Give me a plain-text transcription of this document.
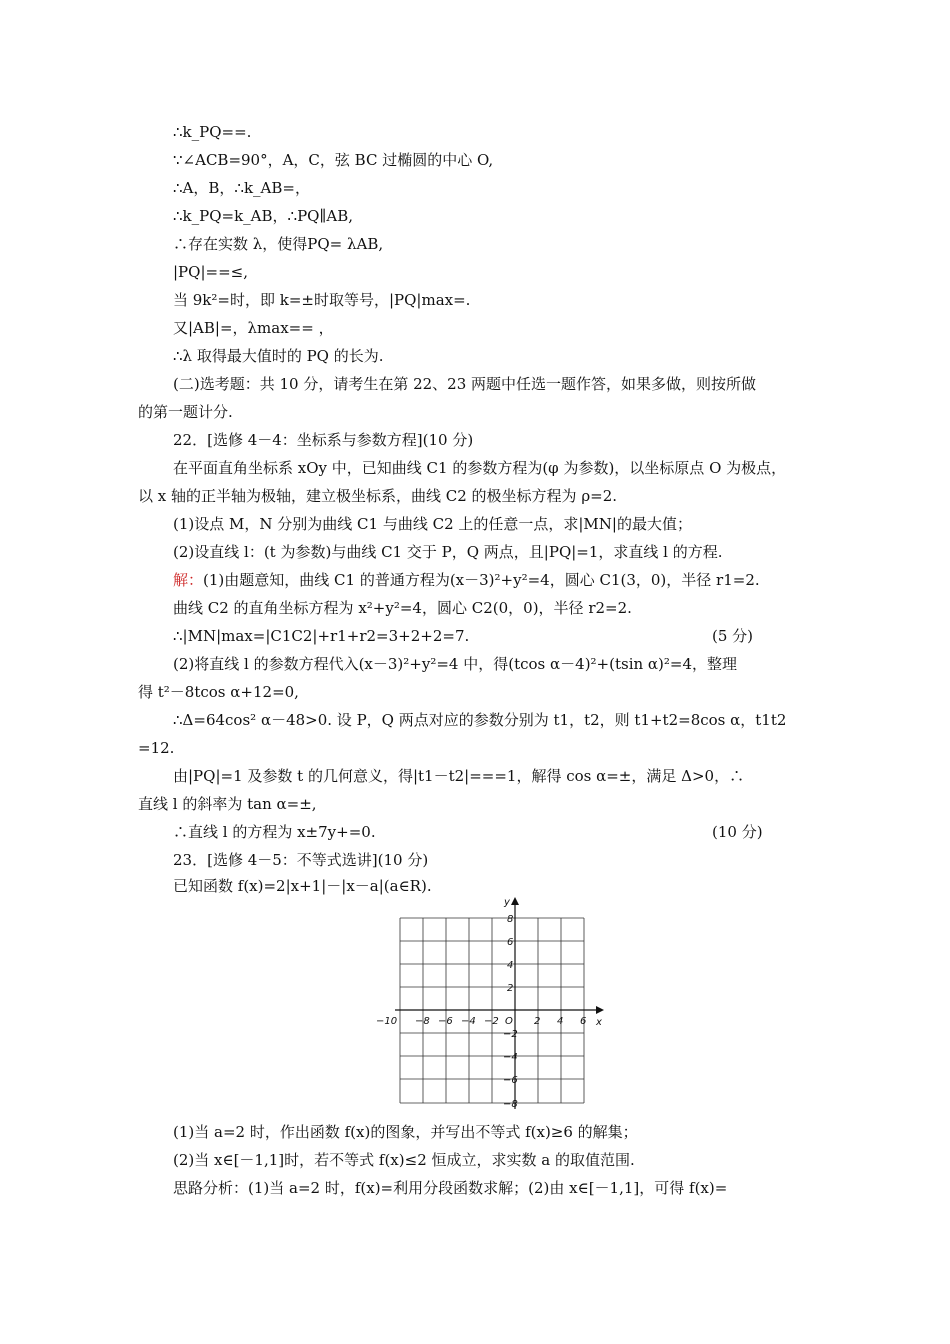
∴k_PQ==.
∵∠ACB=90°，A，C，弦 BC 过椭圆的中心 O,
∴A，B，∴k_AB=，
∴k_PQ=k_AB，∴PQ∥AB,
∴存在实数 λ，使得PQ= λAB,
|PQ|==≤,
当 9k²=时，即 k=±时取等号，|PQ|max=.
又|AB|=，λmax== ，
∴λ 取得最大值时的 PQ 的长为.
(二)选考题：共 10 分，请考生在第 22、23 两题中任选一题作答，如果多做，则按所做
的第一题计分.
22．[选修 4－4：坐标系与参数方程](10 分)
在平面直角坐标系 xOy 中，已知曲线 C1 的参数方程为(φ 为参数)，以坐标原点 O 为极点，
以 x 轴的正半轴为极轴，建立极坐标系，曲线 C2 的极坐标方程为 ρ=2.
(1)设点 M，N 分别为曲线 C1 与曲线 C2 上的任意一点，求|MN|的最大值；
(2)设直线 l：(t 为参数)与曲线 C1 交于 P，Q 两点，且|PQ|=1，求直线 l 的方程.
解：(1)由题意知，曲线 C1 的普通方程为(x－3)²+y²=4，圆心 C1(3，0)，半径 r1=2.
曲线 C2 的直角坐标方程为 x²+y²=4，圆心 C2(0，0)，半径 r2=2.
∴|MN|max=|C1C2|+r1+r2=3+2+2=7.	(5 分)
(2)将直线 l 的参数方程代入(x－3)²+y²=4 中，得(tcos α－4)²+(tsin α)²=4，整理
得 t²－8tcos α+12=0,
∴Δ=64cos² α－48>0. 设 P，Q 两点对应的参数分别为 t1，t2，则 t1+t2=8cos α，t1t2
=12.
由|PQ|=1 及参数 t 的几何意义，得|t1－t2|===1，解得 cos α=±，满足 Δ>0，∴
直线 l 的斜率为 tan α=±,
∴直线 l 的方程为 x±7y+=0.	(10 分)
23．[选修 4－5：不等式选讲](10 分)
已知函数 f(x)=2|x+1|－|x－a|(a∈R).
x
y
O
−10 −8 −6 −4 −2	2 4 6
8
6
4
2
−2
−4
−6
−8
(1)当 a=2 时，作出函数 f(x)的图象，并写出不等式 f(x)≥6 的解集；
(2)当 x∈[－1,1]时，若不等式 f(x)≤2 恒成立，求实数 a 的取值范围.
思路分析：(1)当 a=2 时，f(x)=利用分段函数求解；(2)由 x∈[－1,1]，可得 f(x)=
